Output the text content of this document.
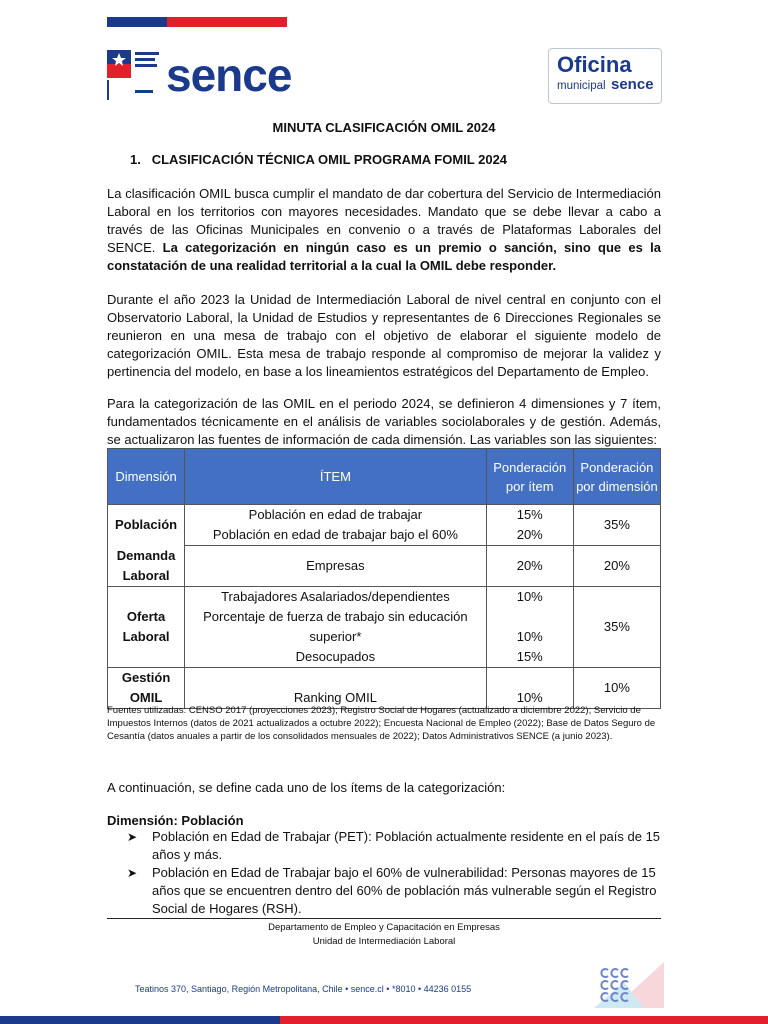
sence	Oficina
municipal sence
MINUTA CLASIFICACIÓN OMIL 2024
1. CLASIFICACIÓN TÉCNICA OMIL PROGRAMA FOMIL 2024
La clasificación OMIL busca cumplir el mandato de dar cobertura del Servicio de Intermediación Laboral en los territorios con mayores necesidades. Mandato que se debe llevar a cabo a través de las Oficinas Municipales en convenio o a través de Plataformas Laborales del SENCE. La categorización en ningún caso es un premio o sanción, sino que es la constatación de una realidad territorial a la cual la OMIL debe responder.
Durante el año 2023 la Unidad de Intermediación Laboral de nivel central en conjunto con el Observatorio Laboral, la Unidad de Estudios y representantes de 6 Direcciones Regionales se reunieron en una mesa de trabajo con el objetivo de elaborar el siguiente modelo de categorización OMIL. Esta mesa de trabajo responde al compromiso de mejorar la validez y pertinencia del modelo, en base a los lineamientos estratégicos del Departamento de Empleo.
Para la categorización de las OMIL en el periodo 2024, se definieron 4 dimensiones y 7 ítem, fundamentados técnicamente en el análisis de variables sociolaborales y de gestión. Además, se actualizaron las fuentes de información de cada dimensión. Las variables son las siguientes:
Dimensión	ÍTEM	Ponderación por ítem	Ponderación por dimensión
Población	Población en edad de trabajar	15%	35%
	Población en edad de trabajar bajo el 60%	20%	
Demanda Laboral	Empresas	20%	20%
Oferta Laboral	Trabajadores Asalariados/dependientes	10%	35%
	Porcentaje de fuerza de trabajo sin educación superior*	10%	
	Desocupados	15%	
Gestión OMIL	Ranking OMIL	10%	10%
Fuentes utilizadas: CENSO 2017 (proyecciones 2023); Registro Social de Hogares (actualizado a diciembre 2022); Servicio de Impuestos Internos (datos de 2021 actualizados a octubre 2022); Encuesta Nacional de Empleo (2022); Base de Datos Seguro de Cesantía (datos anuales a partir de los consolidados mensuales de 2022); Datos Administrativos SENCE (a junio 2023).
A continuación, se define cada uno de los ítems de la categorización:
Dimensión: Población
➤ Población en Edad de Trabajar (PET): Población actualmente residente en el país de 15 años y más.
➤ Población en Edad de Trabajar bajo el 60% de vulnerabilidad: Personas mayores de 15 años que se encuentren dentro del 60% de población más vulnerable según el Registro Social de Hogares (RSH).
Departamento de Empleo y Capacitación en Empresas
Unidad de Intermediación Laboral
Teatinos 370, Santiago, Región Metropolitana, Chile • sence.cl • *8010 • 44236 0155
